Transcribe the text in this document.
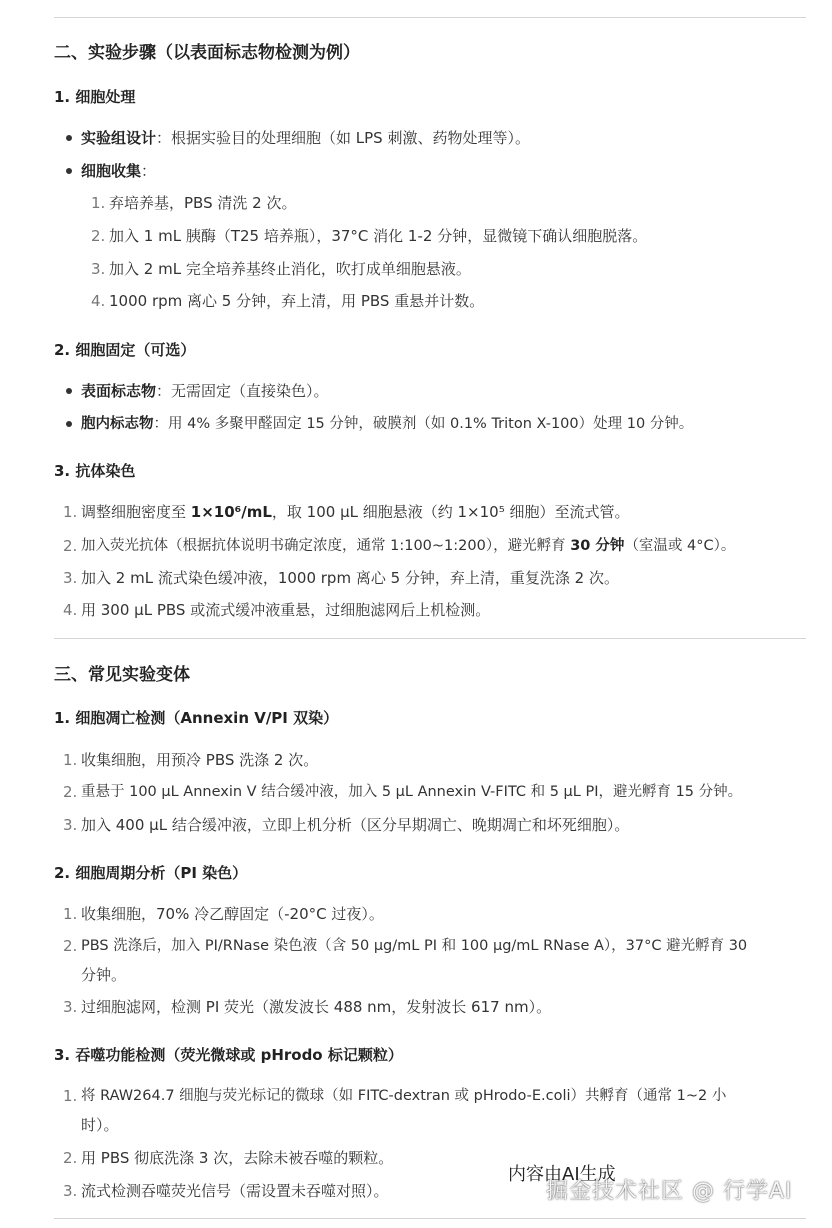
二、实验步骤（以表面标志物检测为例）
1. 细胞处理
实验组设计：根据实验目的处理细胞（如 LPS 刺激、药物处理等）。
细胞收集：
1. 弃培养基，PBS 清洗 2 次。
2. 加入 1 mL 胰酶（T25 培养瓶），37°C 消化 1-2 分钟，显微镜下确认细胞脱落。
3. 加入 2 mL 完全培养基终止消化，吹打成单细胞悬液。
4. 1000 rpm 离心 5 分钟，弃上清，用 PBS 重悬并计数。
2. 细胞固定（可选）
表面标志物：无需固定（直接染色）。
胞内标志物：用 4% 多聚甲醛固定 15 分钟，破膜剂（如 0.1% Triton X-100）处理 10 分钟。
3. 抗体染色
1. 调整细胞密度至 1×10⁶/mL，取 100 µL 细胞悬液（约 1×10⁵ 细胞）至流式管。
2. 加入荧光抗体（根据抗体说明书确定浓度，通常 1:100~1:200），避光孵育 30 分钟（室温或 4°C）。
3. 加入 2 mL 流式染色缓冲液，1000 rpm 离心 5 分钟，弃上清，重复洗涤 2 次。
4. 用 300 µL PBS 或流式缓冲液重悬，过细胞滤网后上机检测。
三、常见实验变体
1. 细胞凋亡检测（Annexin V/PI 双染）
1. 收集细胞，用预冷 PBS 洗涤 2 次。
2. 重悬于 100 µL Annexin V 结合缓冲液，加入 5 µL Annexin V-FITC 和 5 µL PI，避光孵育 15 分钟。
3. 加入 400 µL 结合缓冲液，立即上机分析（区分早期凋亡、晚期凋亡和坏死细胞）。
2. 细胞周期分析（PI 染色）
1. 收集细胞，70% 冷乙醇固定（-20°C 过夜）。
2. PBS 洗涤后，加入 PI/RNase 染色液（含 50 µg/mL PI 和 100 µg/mL RNase A），37°C 避光孵育 30
分钟。
3. 过细胞滤网，检测 PI 荧光（激发波长 488 nm，发射波长 617 nm）。
3. 吞噬功能检测（荧光微球或 pHrodo 标记颗粒）
1. 将 RAW264.7 细胞与荧光标记的微球（如 FITC-dextran 或 pHrodo-E.coli）共孵育（通常 1~2 小
时）。
2. 用 PBS 彻底洗涤 3 次，去除未被吞噬的颗粒。
3. 流式检测吞噬荧光信号（需设置未吞噬对照）。
内容由AI生成
掘金技术社区 @ 行学AI
